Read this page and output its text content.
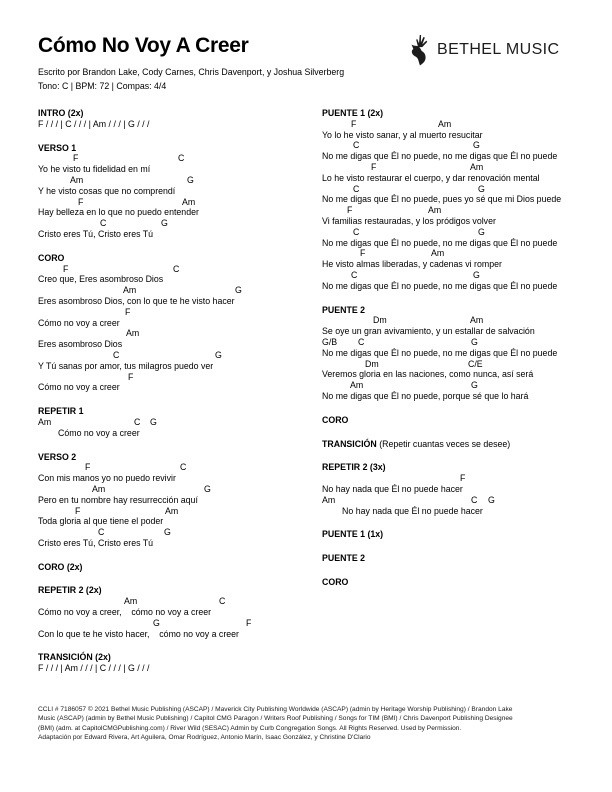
Cómo No Voy A Creer	BETHEL MUSIC
Escrito por Brandon Lake, Cody Carnes, Chris Davenport, y Joshua Silverberg
Tono: C | BPM: 72 | Compas: 4/4
INTRO (2x)
F / / / | C / / / | Am / / / | G / / /
VERSO 1
F	C
Yo he visto tu fidelidad en mí
Am	G
Y he visto cosas que no comprendí
F	Am
Hay belleza en lo que no puedo entender
C	G
Cristo eres Tú, Cristo eres Tú
CORO
F	C
Creo que, Eres asombroso Dios
Am	G
Eres asombroso Dios, con lo que te he visto hacer
F
Cómo no voy a creer
Am
Eres asombroso Dios
C	G
Y Tú sanas por amor, tus milagros puedo ver
F
Cómo no voy a creer
REPETIR 1
Am	C G
Cómo no voy a creer
VERSO 2
F	C
Con mis manos yo no puedo revivir
Am	G
Pero en tu nombre hay resurrección aquí
F	Am
Toda gloria al que tiene el poder
C	G
Cristo eres Tú, Cristo eres Tú
CORO (2x)
REPETIR 2 (2x)
Am	C
Cómo no voy a creer,    cómo no voy a creer
G	F
Con lo que te he visto hacer,    cómo no voy a creer
TRANSICIÓN (2x)
F / / / | Am / / / | C / / / | G / / /
PUENTE 1 (2x)
F	Am
Yo lo he visto sanar, y al muerto resucitar
C	G
No me digas que Él no puede, no me digas que Él no puede
F	Am
Lo he visto restaurar el cuerpo, y dar renovación mental
C	G
No me digas que Él no puede, pues yo sé que mi Dios puede
F	Am
Vi familias restauradas, y los pródigos volver
C	G
No me digas que Él no puede, no me digas que Él no puede
F	Am
He visto almas liberadas, y cadenas vi romper
C	G
No me digas que Él no puede, no me digas que Él no puede
PUENTE 2
Dm	Am
Se oye un gran avivamiento, y un estallar de salvación
G/B C	G
No me digas que Él no puede, no me digas que Él no puede
Dm	C/E
Veremos gloria en las naciones, como nunca, así será
Am	G
No me digas que Él no puede, porque sé que lo hará
CORO
TRANSICIÓN (Repetir cuantas veces se desee)
REPETIR 2 (3x)
F
No hay nada que Él no puede hacer
Am	C G
No hay nada que Él no puede hacer
PUENTE 1 (1x)
PUENTE 2
CORO
CCLI # 7186057 © 2021 Bethel Music Publishing (ASCAP) / Maverick City Publishing Worldwide (ASCAP) (admin by Heritage Worship Publishing) / Brandon Lake
Music (ASCAP) (admin by Bethel Music Publishing) / Capitol CMG Paragon / Writers Roof Publishing / Songs for TIM (BMI) / Chris Davenport Publishing Designee
(BMI) (adm. at CapitolCMGPublishing.com) / River Wild (SESAC) Admin by Curb Congregation Songs. All Rights Reserved. Used by Permission.
Adaptación por Edward Rivera, Art Aguilera, Omar Rodríguez, Antonio Marín, Isaac González, y Christine D'Clario
